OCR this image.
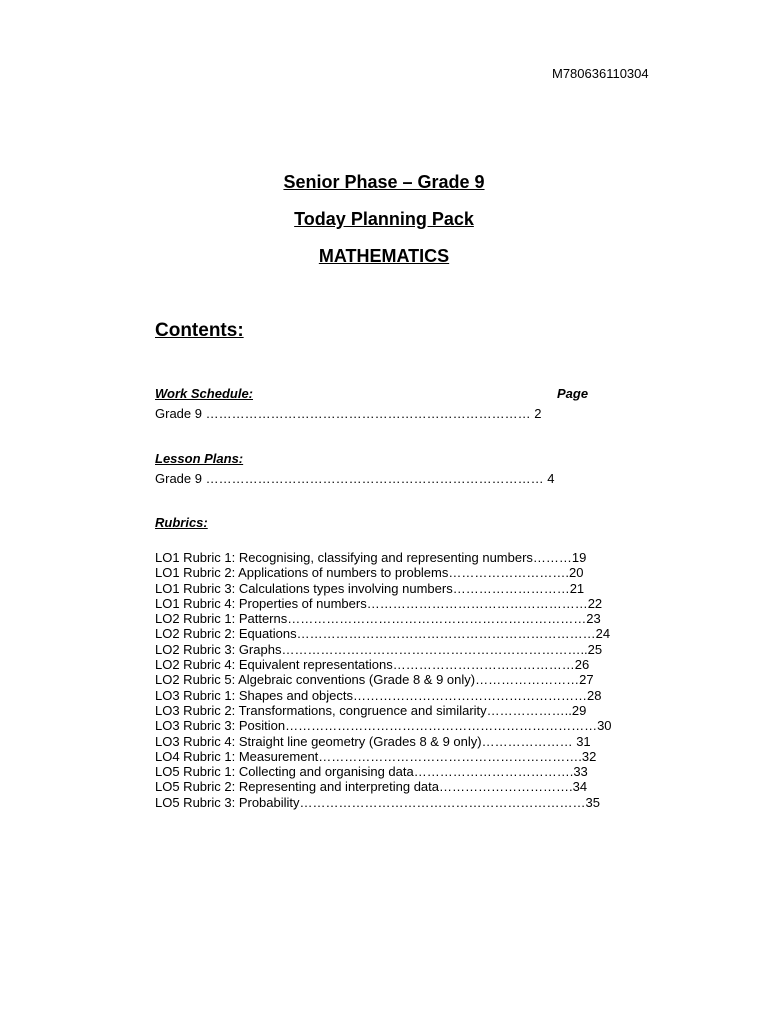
M780636110304
Senior Phase – Grade 9
Today Planning Pack
MATHEMATICS
Contents:
Work Schedule:	Page
Grade 9 ………………………………………………………………… 2
Lesson Plans:
Grade 9 …………………………………………………………………… 4
Rubrics:
LO1 Rubric 1: Recognising, classifying and representing numbers………19
LO1 Rubric 2: Applications of numbers to problems……………………….20
LO1 Rubric 3: Calculations types involving numbers………………………21
LO1 Rubric 4: Properties of numbers……………………………………………22
LO2 Rubric 1: Patterns……………………………………………………………23
LO2 Rubric 2: Equations……………………………………………………………24
LO2 Rubric 3: Graphs……………………………………………………………..25
LO2 Rubric 4: Equivalent representations……………………………………26
LO2 Rubric 5: Algebraic conventions (Grade 8 & 9 only)……………………27
LO3 Rubric 1: Shapes and objects………………………………………………28
LO3 Rubric 2: Transformations, congruence and similarity………………..29
LO3 Rubric 3: Position………………………………………………………………30
LO3 Rubric 4: Straight line geometry (Grades 8 & 9 only)………………… 31
LO4 Rubric 1: Measurement…………………………………………………….32
LO5 Rubric 1: Collecting and organising data……………………………….33
LO5 Rubric 2: Representing and interpreting data………………………….34
LO5 Rubric 3: Probability…………………………………………………………35
